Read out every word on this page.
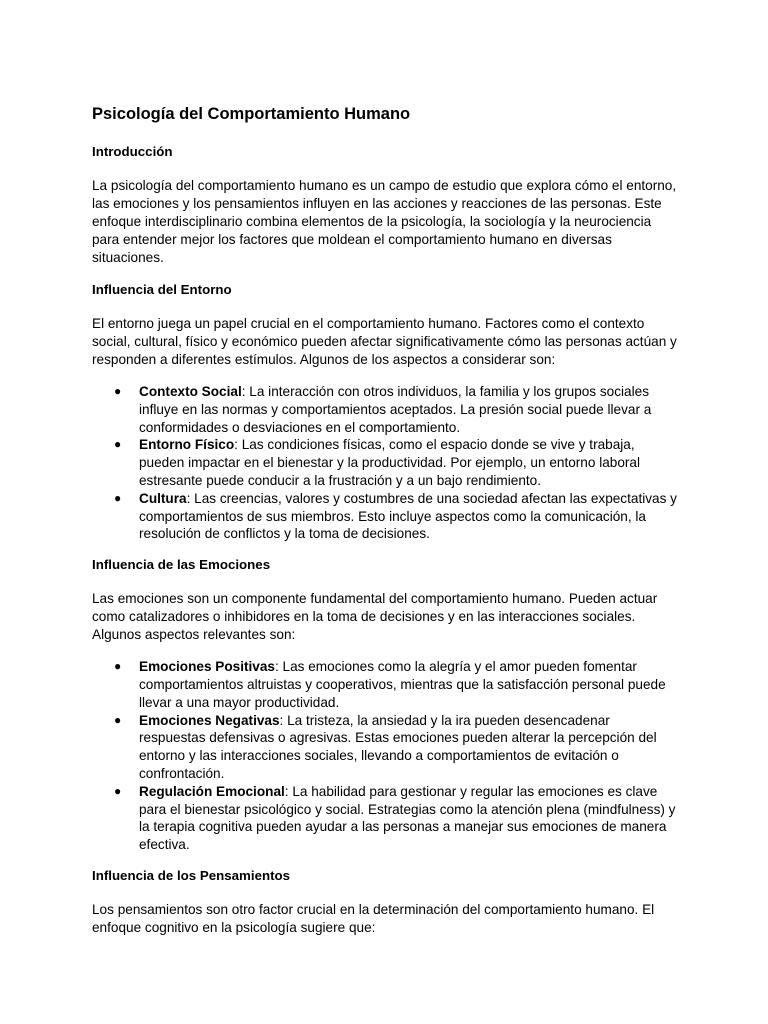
Psicología del Comportamiento Humano
Introducción

La psicología del comportamiento humano es un campo de estudio que explora cómo el entorno, las emociones y los pensamientos influyen en las acciones y reacciones de las personas. Este enfoque interdisciplinario combina elementos de la psicología, la sociología y la neurociencia para entender mejor los factores que moldean el comportamiento humano en diversas situaciones.

Influencia del Entorno

El entorno juega un papel crucial en el comportamiento humano. Factores como el contexto social, cultural, físico y económico pueden afectar significativamente cómo las personas actúan y responden a diferentes estímulos. Algunos de los aspectos a considerar son:

● Contexto Social: La interacción con otros individuos, la familia y los grupos sociales influye en las normas y comportamientos aceptados. La presión social puede llevar a conformidades o desviaciones en el comportamiento.
● Entorno Físico: Las condiciones físicas, como el espacio donde se vive y trabaja, pueden impactar en el bienestar y la productividad. Por ejemplo, un entorno laboral estresante puede conducir a la frustración y a un bajo rendimiento.
● Cultura: Las creencias, valores y costumbres de una sociedad afectan las expectativas y comportamientos de sus miembros. Esto incluye aspectos como la comunicación, la resolución de conflictos y la toma de decisiones.
Influencia de las Emociones

Las emociones son un componente fundamental del comportamiento humano. Pueden actuar como catalizadores o inhibidores en la toma de decisiones y en las interacciones sociales. Algunos aspectos relevantes son:

● Emociones Positivas: Las emociones como la alegría y el amor pueden fomentar comportamientos altruistas y cooperativos, mientras que la satisfacción personal puede llevar a una mayor productividad.
● Emociones Negativas: La tristeza, la ansiedad y la ira pueden desencadenar respuestas defensivas o agresivas. Estas emociones pueden alterar la percepción del entorno y las interacciones sociales, llevando a comportamientos de evitación o confrontación.
● Regulación Emocional: La habilidad para gestionar y regular las emociones es clave para el bienestar psicológico y social. Estrategias como la atención plena (mindfulness) y la terapia cognitiva pueden ayudar a las personas a manejar sus emociones de manera efectiva.
Influencia de los Pensamientos

Los pensamientos son otro factor crucial en la determinación del comportamiento humano. El enfoque cognitivo en la psicología sugiere que:
